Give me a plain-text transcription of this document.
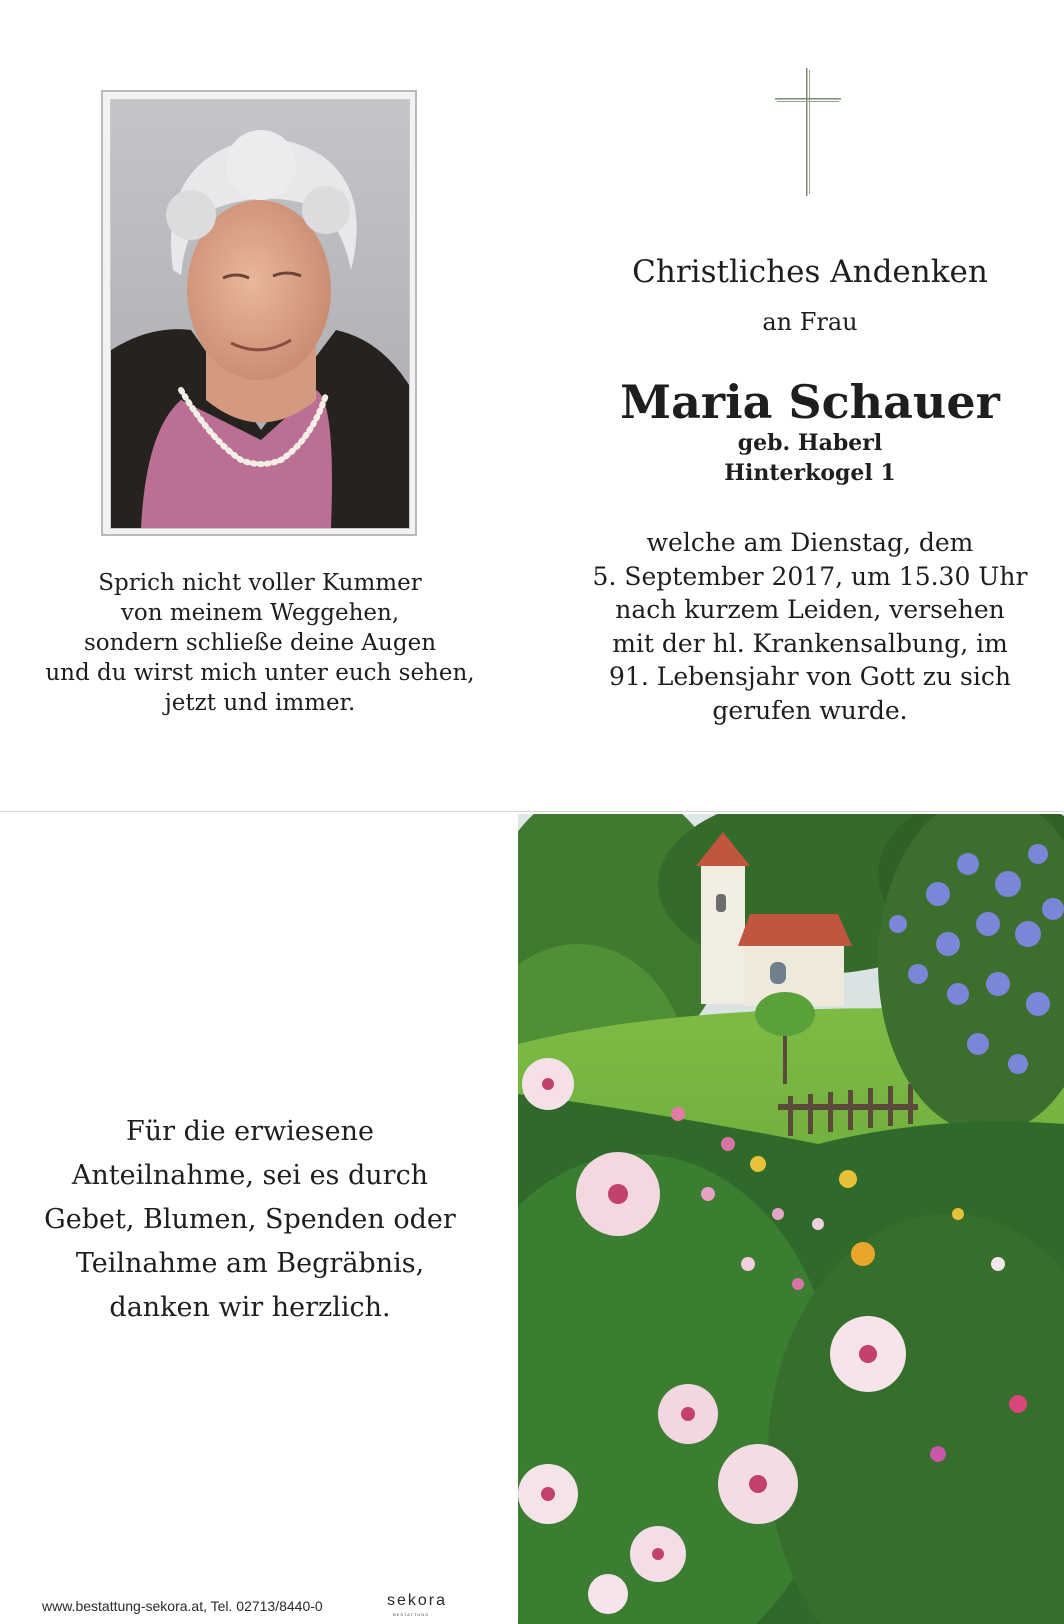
Sprich nicht voller Kummer
von meinem Weggehen,
sondern schließe deine Augen
und du wirst mich unter euch sehen,
jetzt und immer.
Christliches Andenken
an Frau
Maria Schauer
geb. Haberl
Hinterkogel 1
welche am Dienstag, dem
5. September 2017, um 15.30 Uhr
nach kurzem Leiden, versehen
mit der hl. Krankensalbung, im
91. Lebensjahr von Gott zu sich
gerufen wurde.
Für die erwiesene
Anteilnahme, sei es durch
Gebet, Blumen, Spenden oder
Teilnahme am Begräbnis,
danken wir herzlich.
www.bestattung-sekora.at, Tel. 02713/8440-0	sekora
BESTATTUNG
